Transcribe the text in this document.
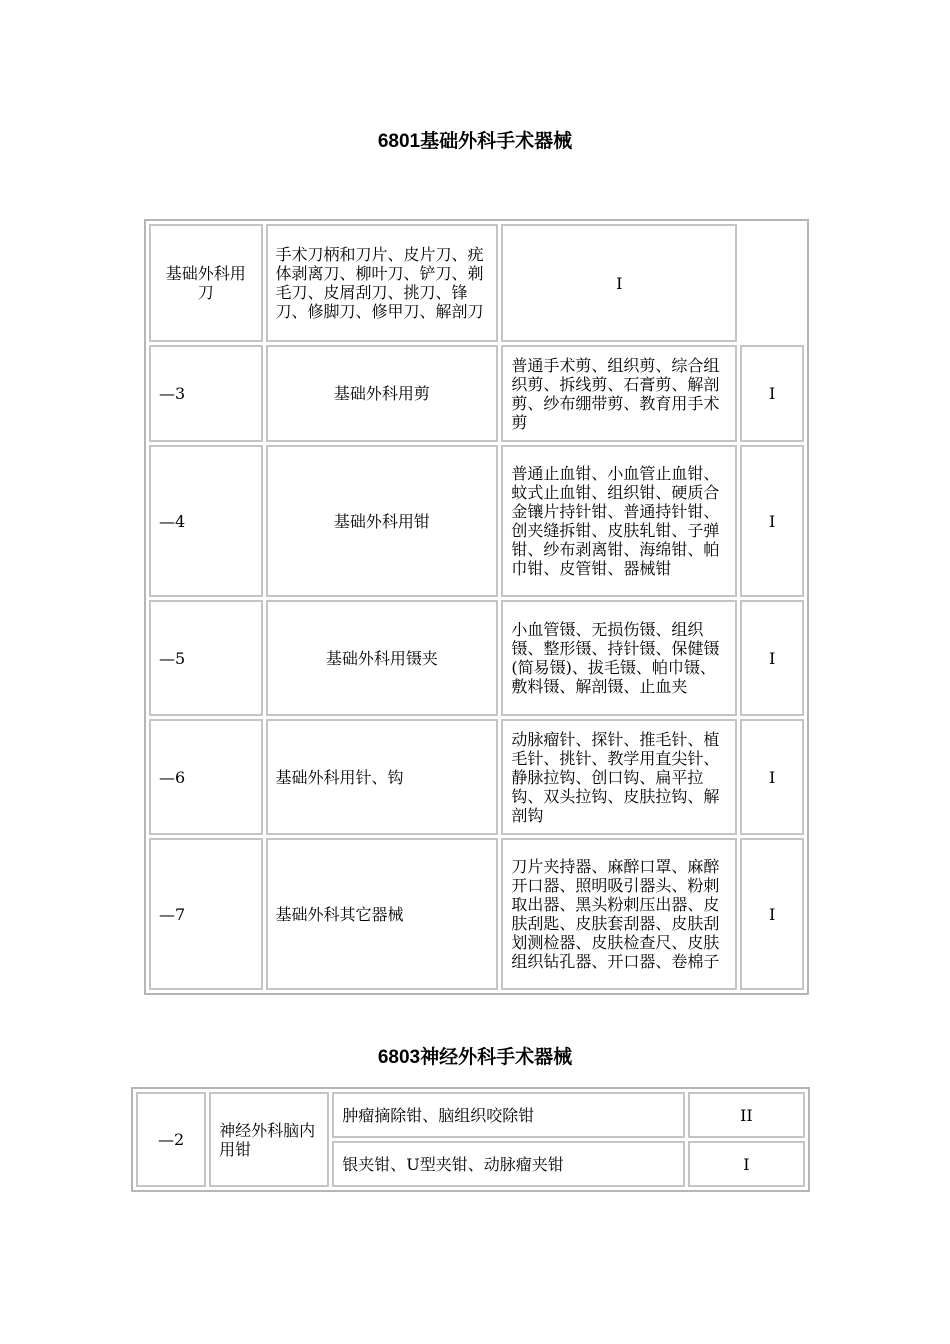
6801基础外科手术器械
基础外科用刀	手术刀柄和刀片、皮片刀、疣体剥离刀、柳叶刀、铲刀、剃毛刀、皮屑刮刀、挑刀、锋刀、修脚刀、修甲刀、解剖刀	I	
—3	基础外科用剪	普通手术剪、组织剪、综合组织剪、拆线剪、石膏剪、解剖剪、纱布绷带剪、教育用手术剪	I
—4	基础外科用钳	普通止血钳、小血管止血钳、蚊式止血钳、组织钳、硬质合金镶片持针钳、普通持针钳、创夹缝拆钳、皮肤轧钳、子弹钳、纱布剥离钳、海绵钳、帕巾钳、皮管钳、器械钳	I
—5	基础外科用镊夹	小血管镊、无损伤镊、组织镊、整形镊、持针镊、保健镊(简易镊)、拔毛镊、帕巾镊、敷料镊、解剖镊、止血夹	I
—6	基础外科用针、钩	动脉瘤针、探针、推毛针、植毛针、挑针、教学用直尖针、静脉拉钩、创口钩、扁平拉钩、双头拉钩、皮肤拉钩、解剖钩	I
—7	基础外科其它器械	刀片夹持器、麻醉口罩、麻醉开口器、照明吸引器头、粉刺取出器、黑头粉刺压出器、皮肤刮匙、皮肤套刮器、皮肤刮划测检器、皮肤检查尺、皮肤组织钻孔器、开口器、卷棉子	I
6803神经外科手术器械
—2	神经外科脑内用钳	肿瘤摘除钳、脑组织咬除钳	II
		银夹钳、U型夹钳、动脉瘤夹钳	I
